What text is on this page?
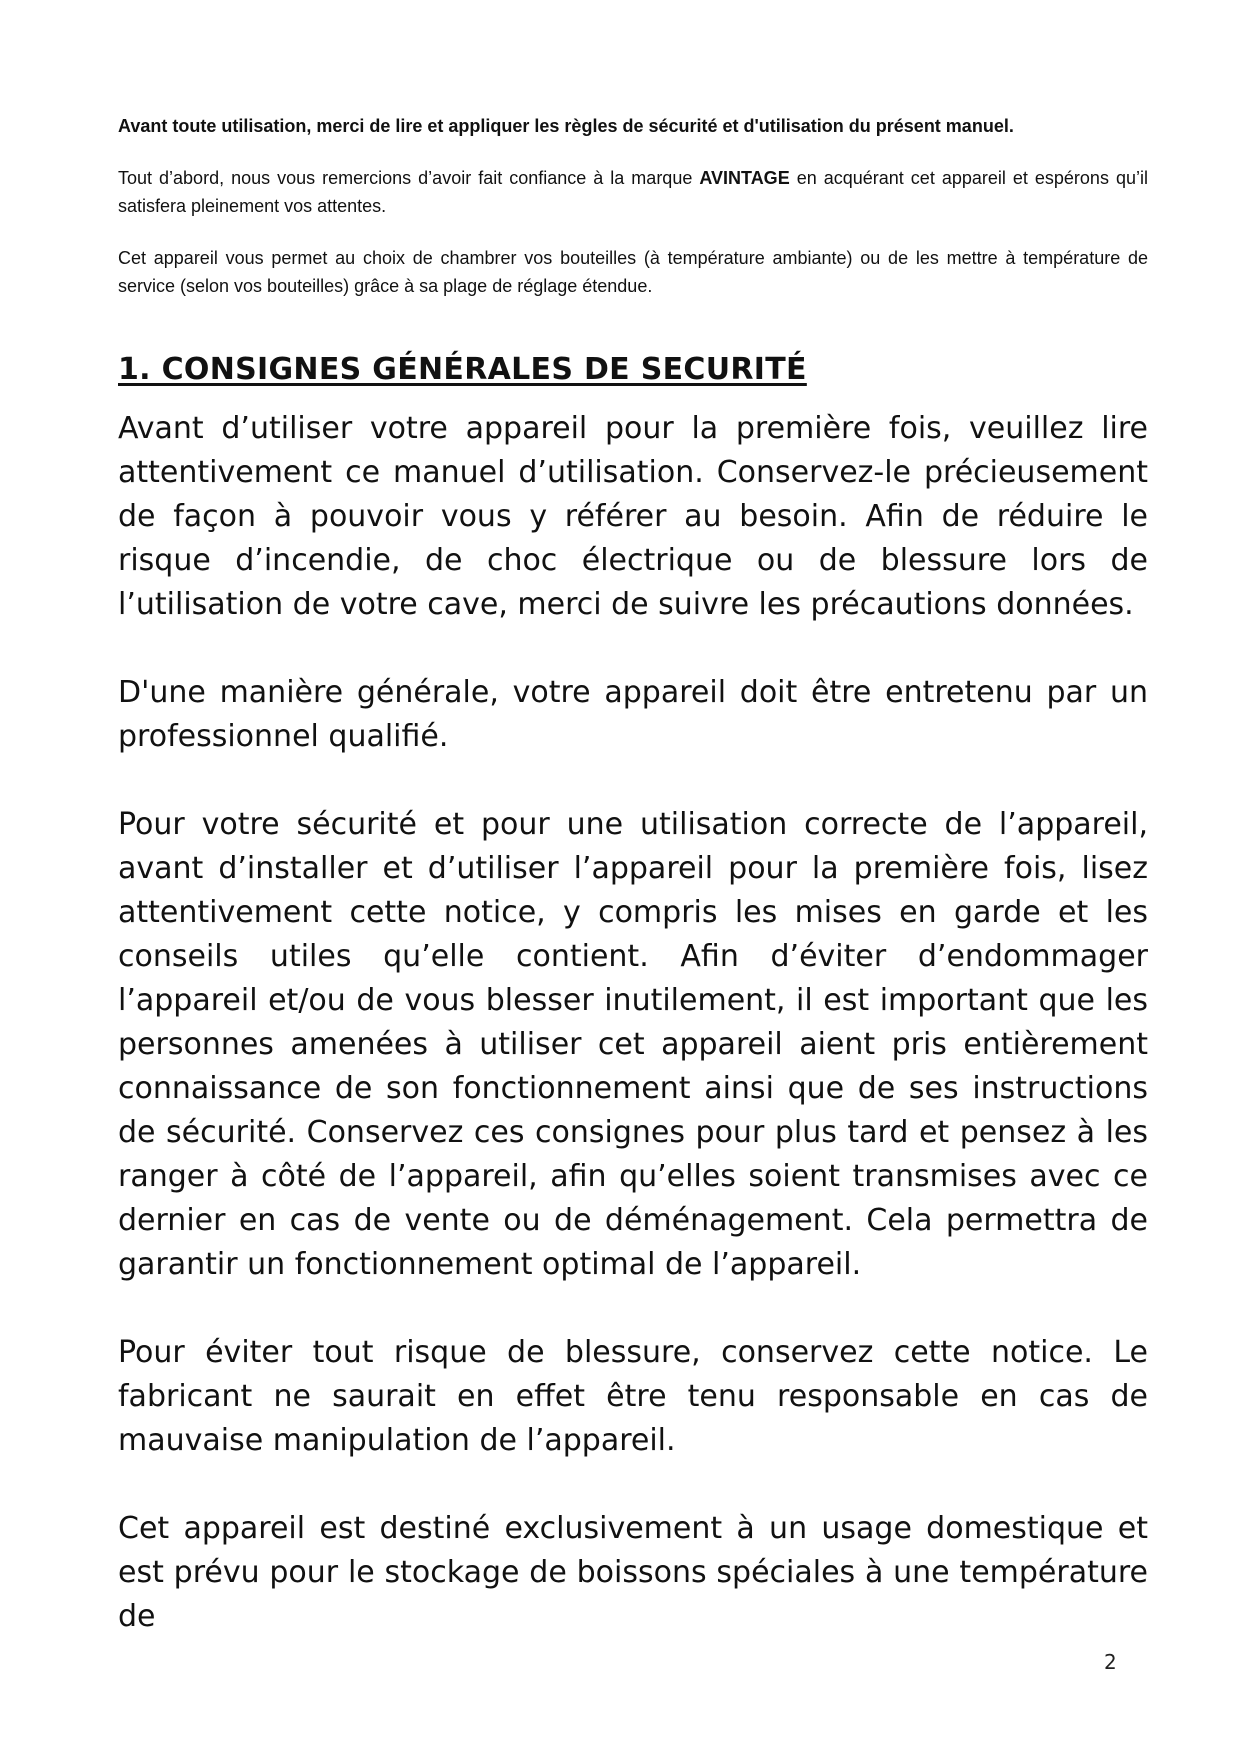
Avant toute utilisation, merci de lire et appliquer les règles de sécurité et d'utilisation du présent manuel.

Tout d’abord, nous vous remercions d’avoir fait confiance à la marque AVINTAGE en acquérant cet appareil et espérons qu’il satisfera pleinement vos attentes.

Cet appareil vous permet au choix de chambrer vos bouteilles (à température ambiante) ou de les mettre à température de service (selon vos bouteilles) grâce à sa plage de réglage étendue.

1. CONSIGNES GÉNÉRALES DE SECURITÉ

Avant d’utiliser votre appareil pour la première fois, veuillez lire attentivement ce manuel d’utilisation. Conservez-le précieusement de façon à pouvoir vous y référer au besoin. Afin de réduire le risque d’incendie, de choc électrique ou de blessure lors de l’utilisation de votre cave, merci de suivre les précautions données.

D'une manière générale, votre appareil doit être entretenu par un professionnel qualifié.

Pour votre sécurité et pour une utilisation correcte de l’appareil, avant d’installer et d’utiliser l’appareil pour la première fois, lisez attentivement cette notice, y compris les mises en garde et les conseils utiles qu’elle contient. Afin d’éviter d’endommager l’appareil et/ou de vous blesser inutilement, il est important que les personnes amenées à utiliser cet appareil aient pris entièrement connaissance de son fonctionnement ainsi que de ses instructions de sécurité. Conservez ces consignes pour plus tard et pensez à les ranger à côté de l’appareil, afin qu’elles soient transmises avec ce dernier en cas de vente ou de déménagement. Cela permettra de garantir un fonctionnement optimal de l’appareil.

Pour éviter tout risque de blessure, conservez cette notice. Le fabricant ne saurait en effet être tenu responsable en cas de mauvaise manipulation de l’appareil.

Cet appareil est destiné exclusivement à un usage domestique et est prévu pour le stockage de boissons spéciales à une température de

2
